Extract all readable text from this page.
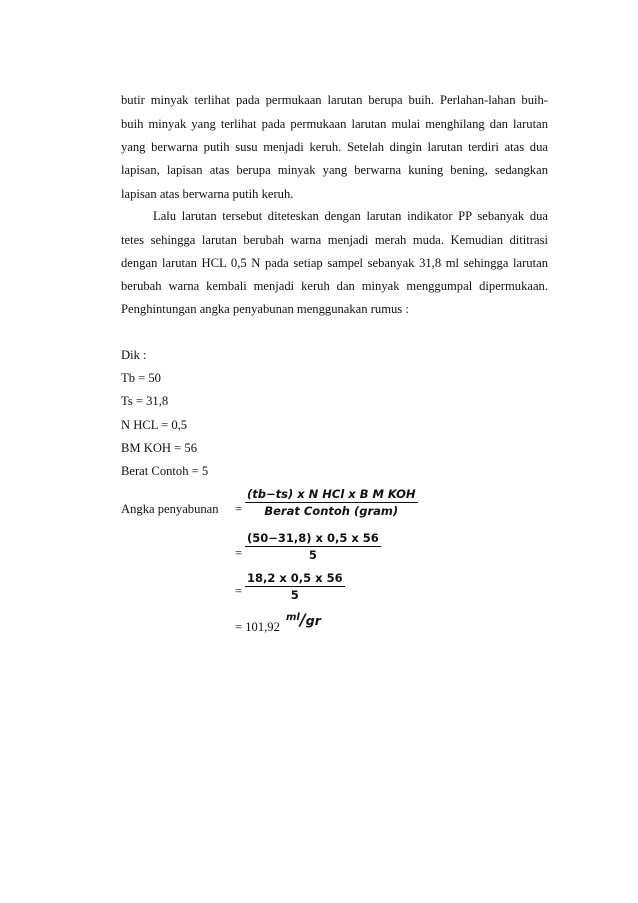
butir minyak terlihat pada permukaan larutan berupa buih. Perlahan-lahan buih-
buih minyak yang terlihat pada permukaan larutan mulai menghilang dan larutan
yang berwarna putih susu menjadi keruh. Setelah dingin larutan terdiri atas dua
lapisan, lapisan atas berupa minyak yang berwarna kuning bening, sedangkan
lapisan atas berwarna putih keruh.
Lalu larutan tersebut diteteskan dengan larutan indikator PP sebanyak dua
tetes sehingga larutan berubah warna menjadi merah muda. Kemudian dititrasi
dengan larutan HCL 0,5 N pada setiap sampel sebanyak 31,8 ml sehingga larutan
berubah warna kembali menjadi keruh dan minyak menggumpal dipermukaan.
Penghintungan angka penyabunan menggunakan rumus :
Dik :
Tb = 50
Ts = 31,8
N HCL = 0,5
BM KOH = 56
Berat Contoh = 5
Angka penyabunan =
(tb−ts) x N HCl x B M KOH
Berat Contoh (gram)
= $\frac{(50-31,8) x 0,5 x 56}{5}$
= $\frac{18,2 x 0,5 x 56}{5}$
= 101,92
$^{ml}$/gr
